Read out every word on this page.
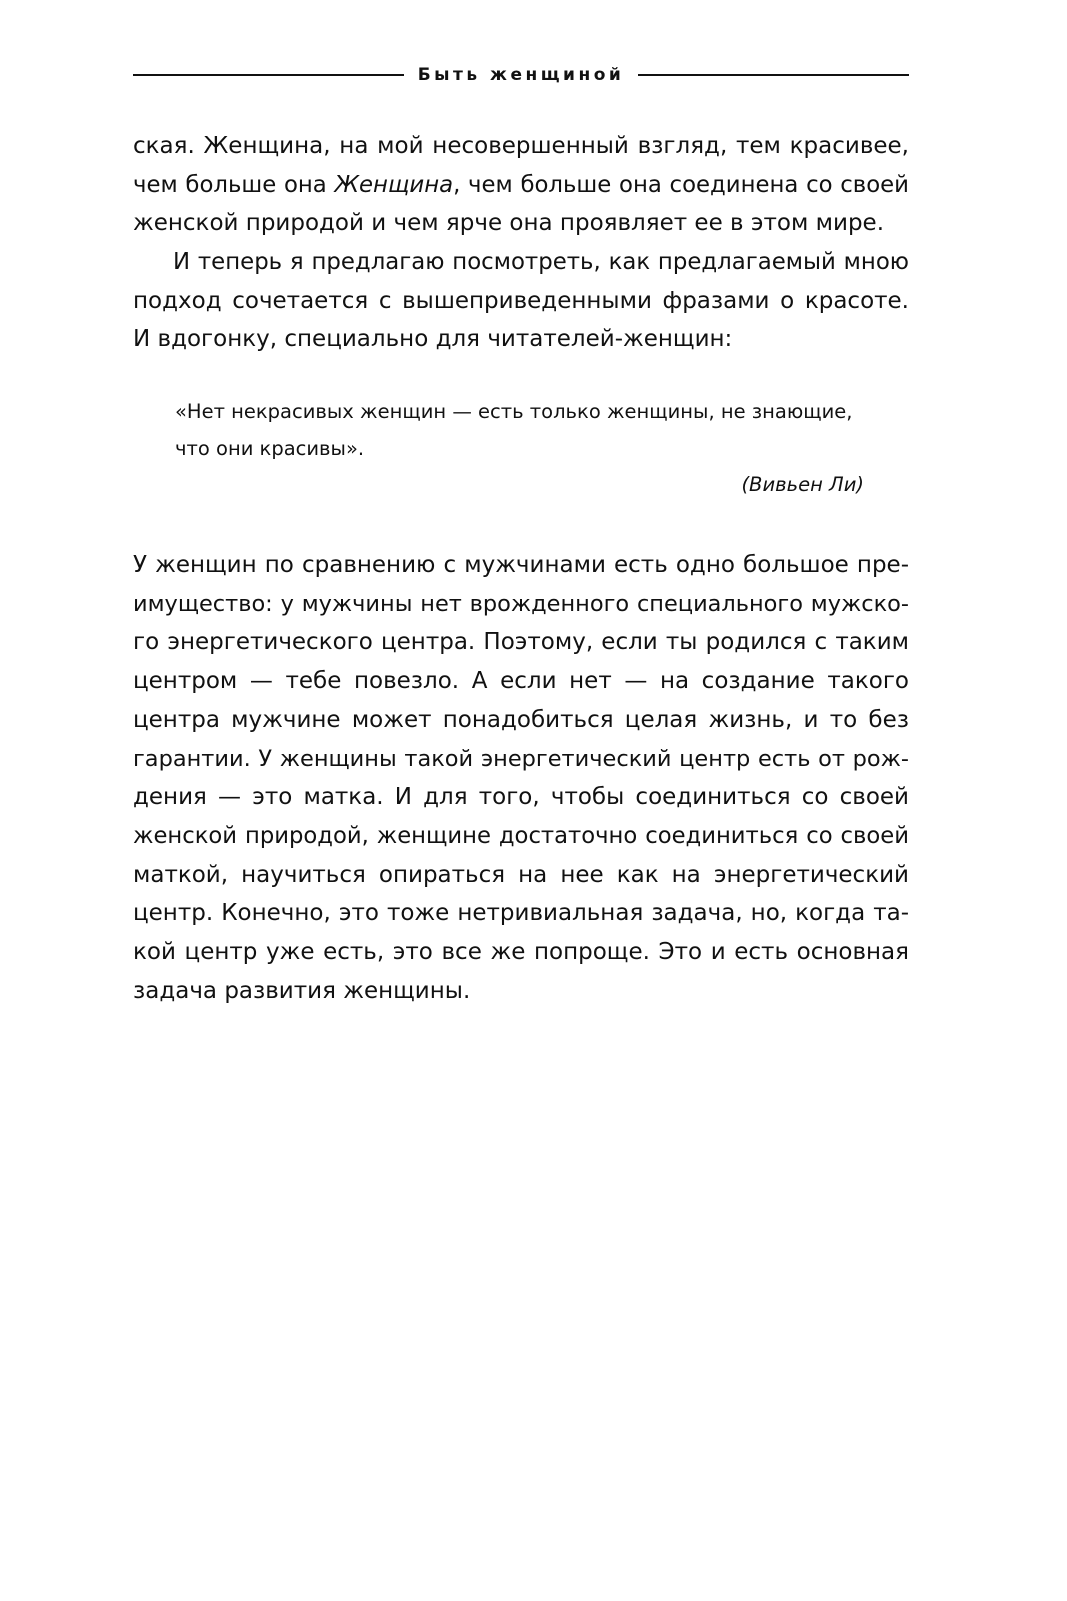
Быть женщиной
ская. Женщина, на мой несовершенный взгляд, тем красивее,
чем больше она Женщина, чем больше она соединена со своей
женской природой и чем ярче она проявляет ее в этом мире.
И теперь я предлагаю посмотреть, как предлагаемый мною
подход сочетается с вышеприведенными фразами о красоте.
И вдогонку, специально для читателей-женщин:
«Нет некрасивых женщин — есть только женщины, не знающие,
что они красивы».
(Вивьен Ли)
У женщин по сравнению с мужчинами есть одно большое пре-
имущество: у мужчины нет врожденного специального мужско-
го энергетического центра. Поэтому, если ты родился с таким
центром — тебе повезло. А если нет — на создание такого
центра мужчине может понадобиться целая жизнь, и то без
гарантии. У женщины такой энергетический центр есть от рож-
дения — это матка. И для того, чтобы соединиться со своей
женской природой, женщине достаточно соединиться со своей
маткой, научиться опираться на нее как на энергетический
центр. Конечно, это тоже нетривиальная задача, но, когда та-
кой центр уже есть, это все же попроще. Это и есть основная
задача развития женщины.
